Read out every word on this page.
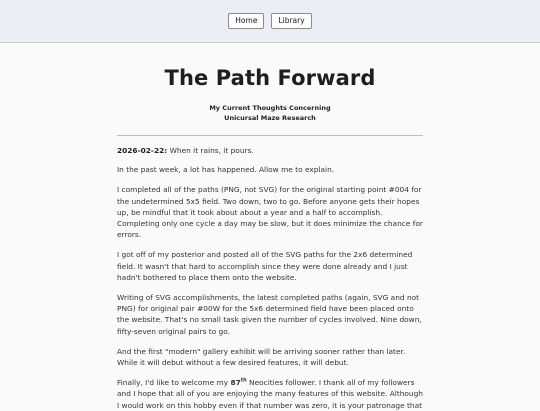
Home	Library
The Path Forward
My Current Thoughts Concerning
Unicursal Maze Research

2026-02-22: When it rains, it pours.

In the past week, a lot has happened. Allow me to explain.

I completed all of the paths (PNG, not SVG) for the original starting point #004 for the undetermined 5x5 field. Two down, two to go. Before anyone gets their hopes up, be mindful that it took about about a year and a half to accomplish. Completing only one cycle a day may be slow, but it does minimize the chance for errors.

I got off of my posterior and posted all of the SVG paths for the 2x6 determined field. It wasn't that hard to accomplish since they were done already and I just hadn't bothered to place them onto the website.

Writing of SVG accomplishments, the latest completed paths (again, SVG and not PNG) for original pair #00W for the 5x6 determined field have been placed onto the website. That's no small task given the number of cycles involved. Nine down, fifty-seven original pairs to go.

And the first "modern" gallery exhibit will be arriving sooner rather than later. While it will debut without a few desired features, it will debut.

Finally, I'd like to welcome my 87th Neocities follower. I thank all of my followers and I hope that all of you are enjoying the many features of this website. Although I would work on this hobby even if that number was zero, it is your patronage that
